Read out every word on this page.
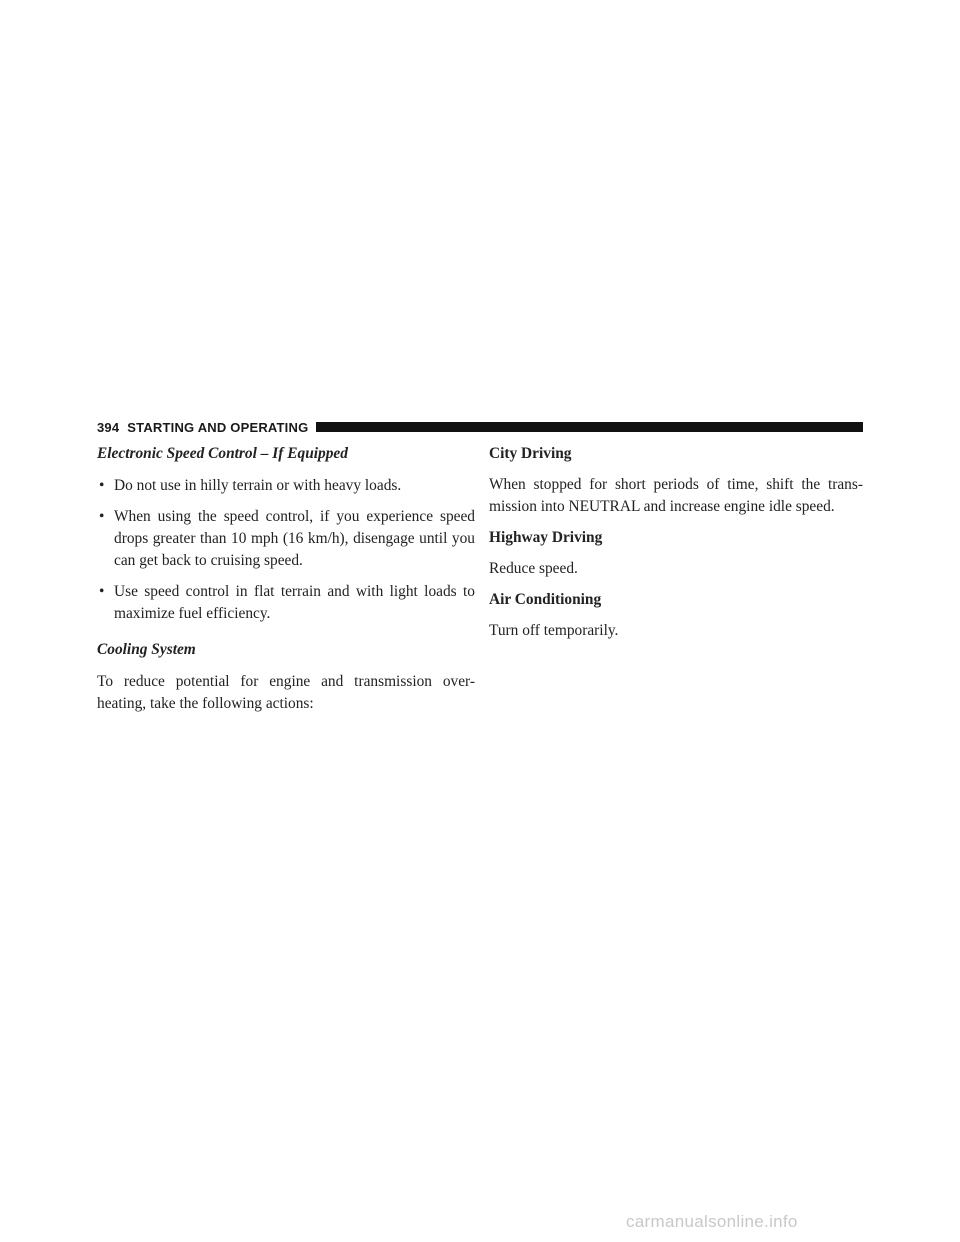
394 STARTING AND OPERATING
Electronic Speed Control – If Equipped
• Do not use in hilly terrain or with heavy loads.
• When using the speed control, if you experience speed drops greater than 10 mph (16 km/h), disengage until you can get back to cruising speed.
• Use speed control in flat terrain and with light loads to maximize fuel efficiency.
Cooling System

To reduce potential for engine and transmission over-heating, take the following actions:

City Driving

When stopped for short periods of time, shift the trans-mission into NEUTRAL and increase engine idle speed.

Highway Driving

Reduce speed.

Air Conditioning

Turn off temporarily.

carmanualsonline.info
